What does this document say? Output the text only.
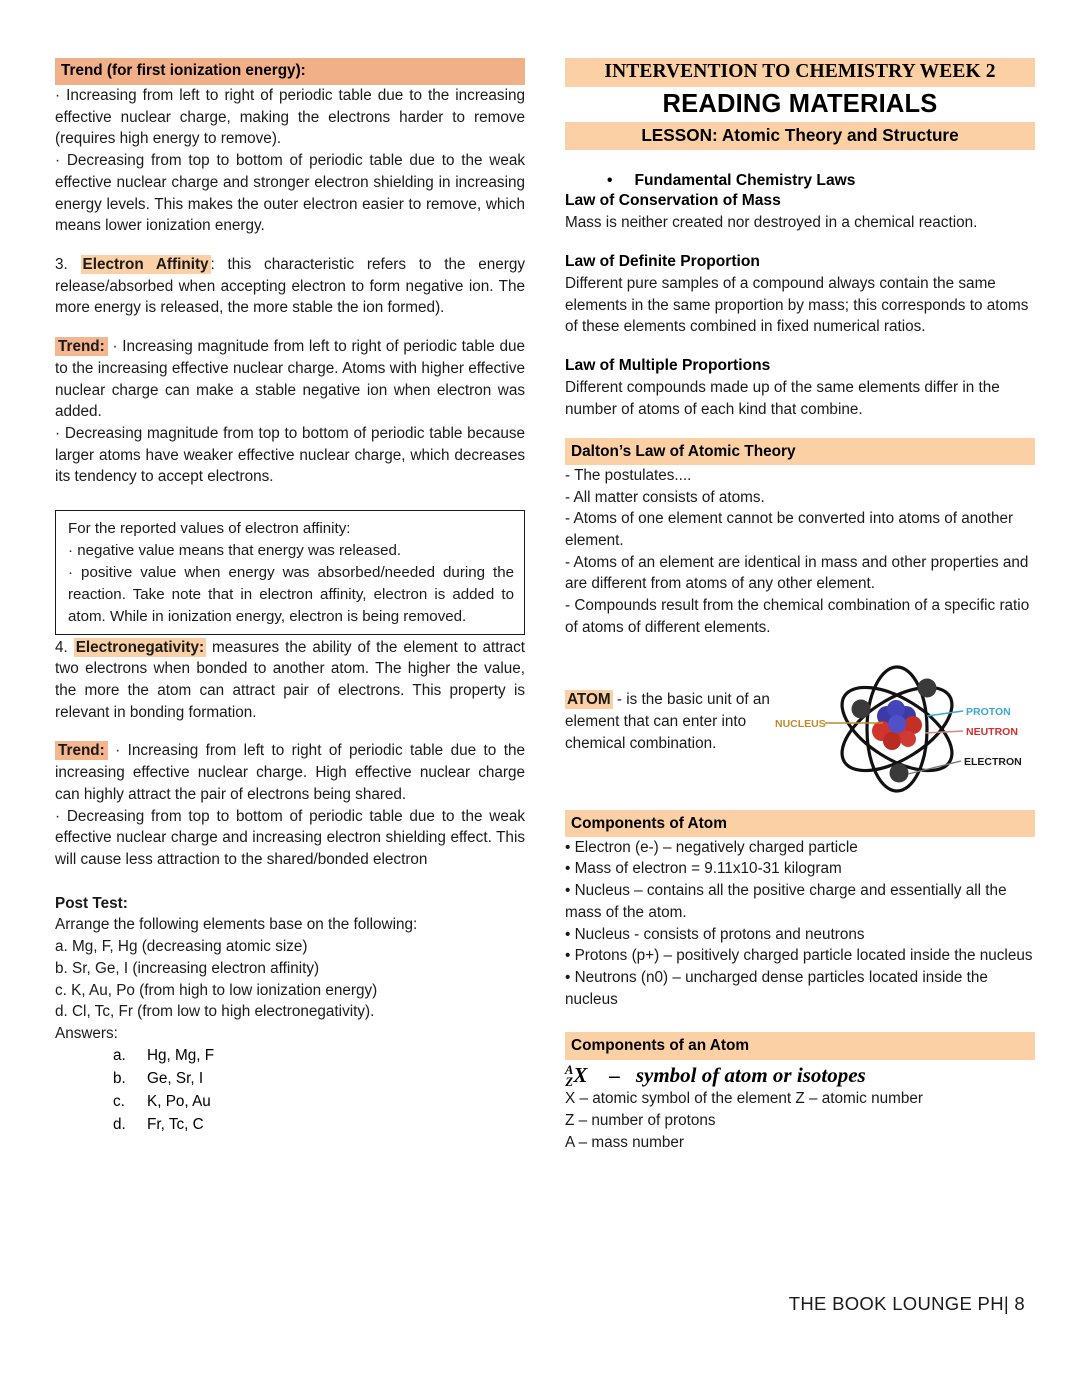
Trend (for first ionization energy):
· Increasing from left to right of periodic table due to the increasing effective nuclear charge, making the electrons harder to remove (requires high energy to remove).
· Decreasing from top to bottom of periodic table due to the weak effective nuclear charge and stronger electron shielding in increasing energy levels. This makes the outer electron easier to remove, which means lower ionization energy.
3. Electron Affinity : this characteristic refers to the energy release/absorbed when accepting electron to form negative ion. The more energy is released, the more stable the ion formed).
Trend: · Increasing magnitude from left to right of periodic table due to the increasing effective nuclear charge. Atoms with higher effective nuclear charge can make a stable negative ion when electron was added.
· Decreasing magnitude from top to bottom of periodic table because larger atoms have weaker effective nuclear charge, which decreases its tendency to accept electrons.
For the reported values of electron affinity:
· negative value means that energy was released.
· positive value when energy was absorbed/needed during the reaction. Take note that in electron affinity, electron is added to atom. While in ionization energy, electron is being removed.
4. Electronegativity: measures the ability of the element to attract two electrons when bonded to another atom. The higher the value, the more the atom can attract pair of electrons. This property is relevant in bonding formation.
Trend: · Increasing from left to right of periodic table due to the increasing effective nuclear charge. High effective nuclear charge can highly attract the pair of electrons being shared.
· Decreasing from top to bottom of periodic table due to the weak effective nuclear charge and increasing electron shielding effect. This will cause less attraction to the shared/bonded electron
Post Test:
Arrange the following elements base on the following:
a. Mg, F, Hg (decreasing atomic size)
b. Sr, Ge, I (increasing electron affinity)
c. K, Au, Po (from high to low ionization energy)
d. Cl, Tc, Fr (from low to high electronegativity).
Answers:
a.	Hg, Mg, F
b.	Ge, Sr, I
c.	K, Po, Au
d.	Fr, Tc, C
INTERVENTION TO CHEMISTRY WEEK 2
READING MATERIALS
LESSON: Atomic Theory and Structure
• Fundamental Chemistry Laws
Law of Conservation of Mass
Mass is neither created nor destroyed in a chemical reaction.
Law of Definite Proportion
Different pure samples of a compound always contain the same elements in the same proportion by mass; this corresponds to atoms of these elements combined in fixed numerical ratios.
Law of Multiple Proportions
Different compounds made up of the same elements differ in the number of atoms of each kind that combine.
Dalton’s Law of Atomic Theory
- The postulates....
- All matter consists of atoms.
- Atoms of one element cannot be converted into atoms of another element.
- Atoms of an element are identical in mass and other properties and are different from atoms of any other element.
- Compounds result from the chemical combination of a specific ratio of atoms of different elements.
ATOM - is the basic unit of an element that can enter into chemical combination.
NUCLEUS
PROTON
NEUTRON
ELECTRON
Components of Atom
• Electron (e-) – negatively charged particle
• Mass of electron = 9.11x10-31 kilogram
• Nucleus – contains all the positive charge and essentially all the mass of the atom.
• Nucleus - consists of protons and neutrons
• Protons (p+) – positively charged particle located inside the nucleus
• Neutrons (n0) – uncharged dense particles located inside the nucleus
Components of an Atom
A
Z X – symbol of atom or isotopes
X – atomic symbol of the element Z – atomic number
Z – number of protons
A – mass number
THE BOOK LOUNGE PH| 8
